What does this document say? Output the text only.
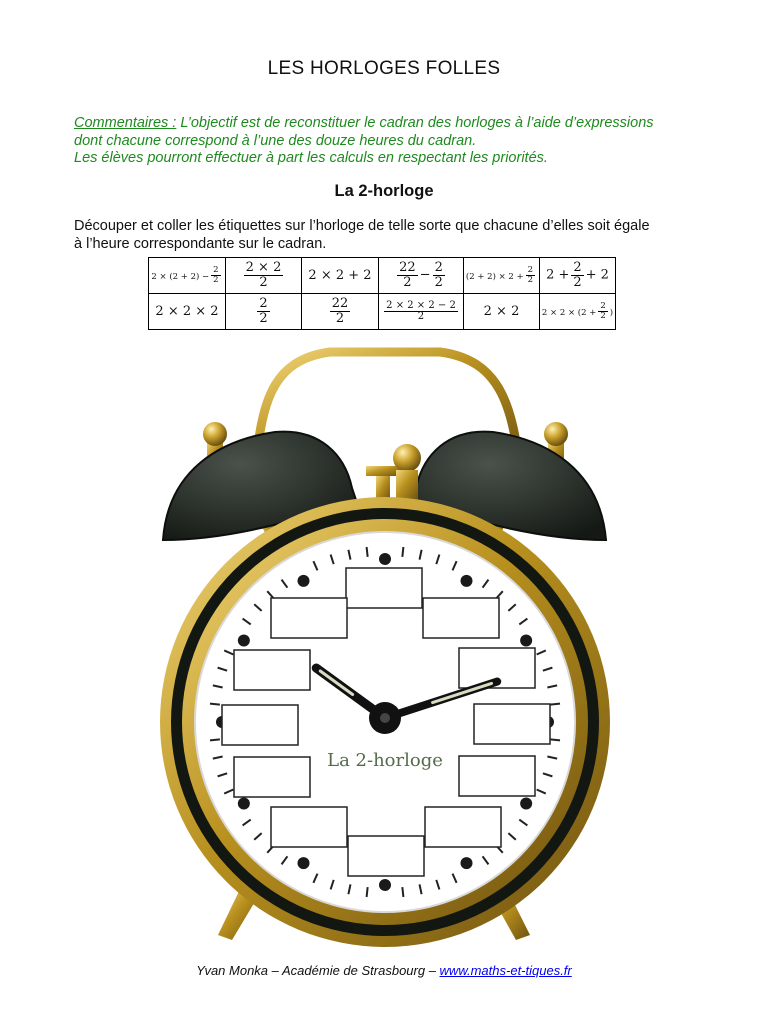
LES HORLOGES FOLLES
Commentaires : L’objectif est de reconstituer le cadran des horloges à l’aide d’expressions
dont chacune correspond à l’une des douze heures du cadran.
Les élèves pourront effectuer à part les calculs en respectant les priorités.
La 2-horloge
Découper et coller les étiquettes sur l’horloge de telle sorte que chacune d’elles soit égale
à l’heure correspondante sur le cadran.
$2 \times (2 + 2) - \frac{2}{2}$	$\frac{2 \times 2}{2}$	2 × 2 + 2	$\frac{22}{2} - \frac{2}{2}$	$(2 + 2) \times 2 + \frac{2}{2}$	$2 + \frac{2}{2} + 2$
2 × 2 × 2	$\frac{2}{2}$	$\frac{22}{2}$	$\frac{2 \times 2 \times 2 - 2}{2}$	2 × 2	$2 \times 2 \times (2 + \frac{2}{2}$ )
La 2-horloge
Yvan Monka – Académie de Strasbourg – www.maths-et-tiques.fr
